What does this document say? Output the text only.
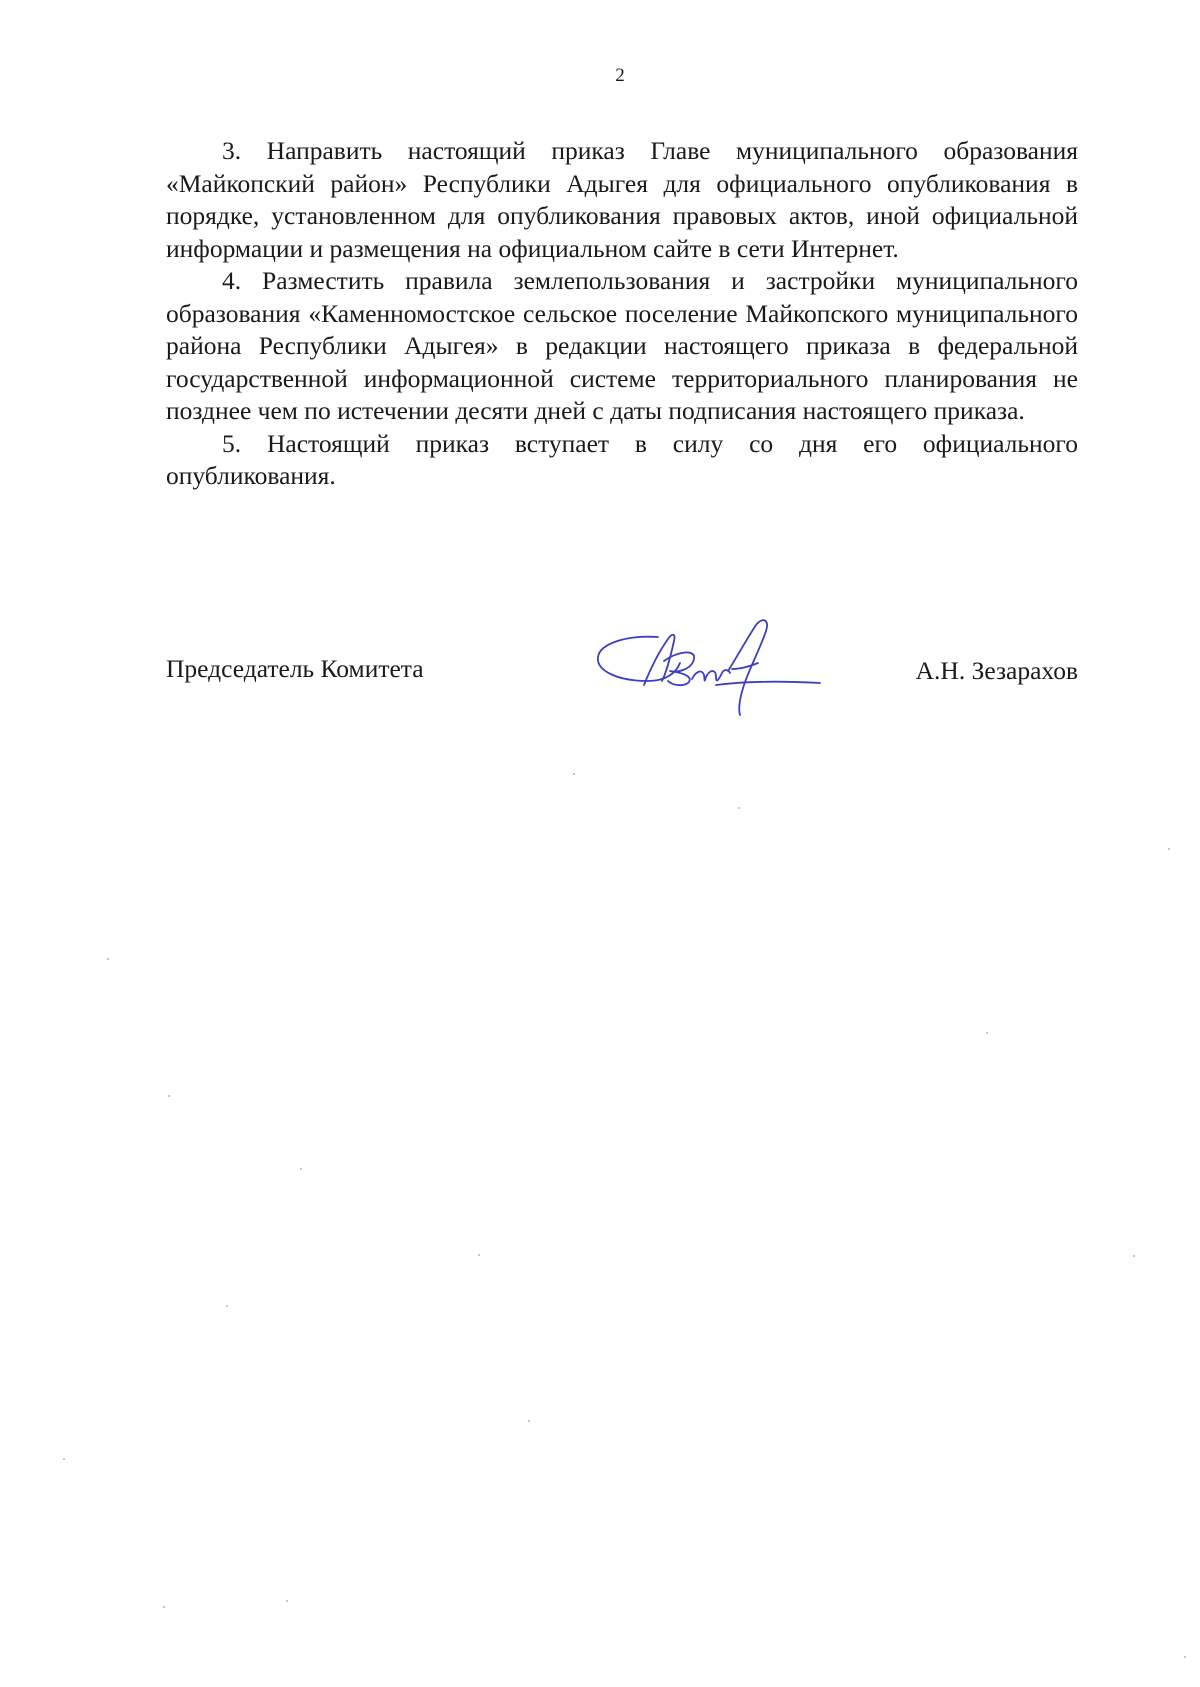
2

3. Направить настоящий приказ Главе муниципального образования «Майкопский район» Республики Адыгея для официального опубликования в порядке, установленном для опубликования правовых актов, иной официальной информации и размещения на официальном сайте в сети Интернет.

4. Разместить правила землепользования и застройки муниципального образования «Каменномостское сельское поселение Майкопского муниципального района Республики Адыгея» в редакции настоящего приказа в федеральной государственной информационной системе территориального планирования не позднее чем по истечении десяти дней с даты подписания настоящего приказа.

5. Настоящий приказ вступает в силу со дня его официального опубликования.

Председатель Комитета	А.Н. Зезарахов
